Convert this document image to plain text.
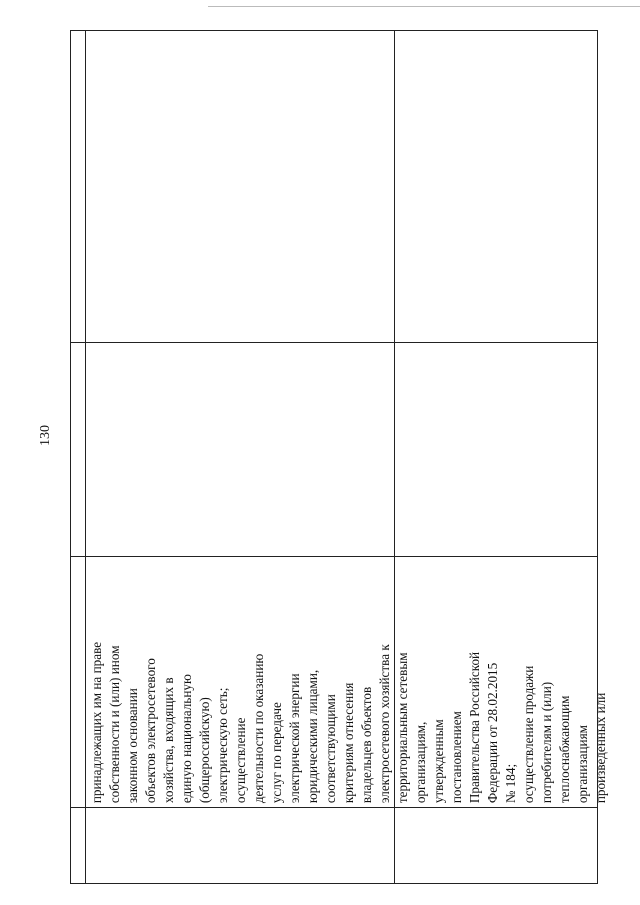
130
принадлежащих им на праве собственности и (или) ином законном основании объектов электросетевого хозяйства, входящих в единую национальную (общероссийскую) электрическую сеть; осуществление деятельности по оказанию услуг по передаче электрической энергии юридическими лицами, соответствующими критериям отнесения владельцев объектов электросетевого хозяйства к территориальным сетевым организациям, утвержденным постановлением Правительства Российской Федерации от 28.02.2015 № 184; осуществление продажи потребителям и (или) теплоснабжающим организациям произведенных или
